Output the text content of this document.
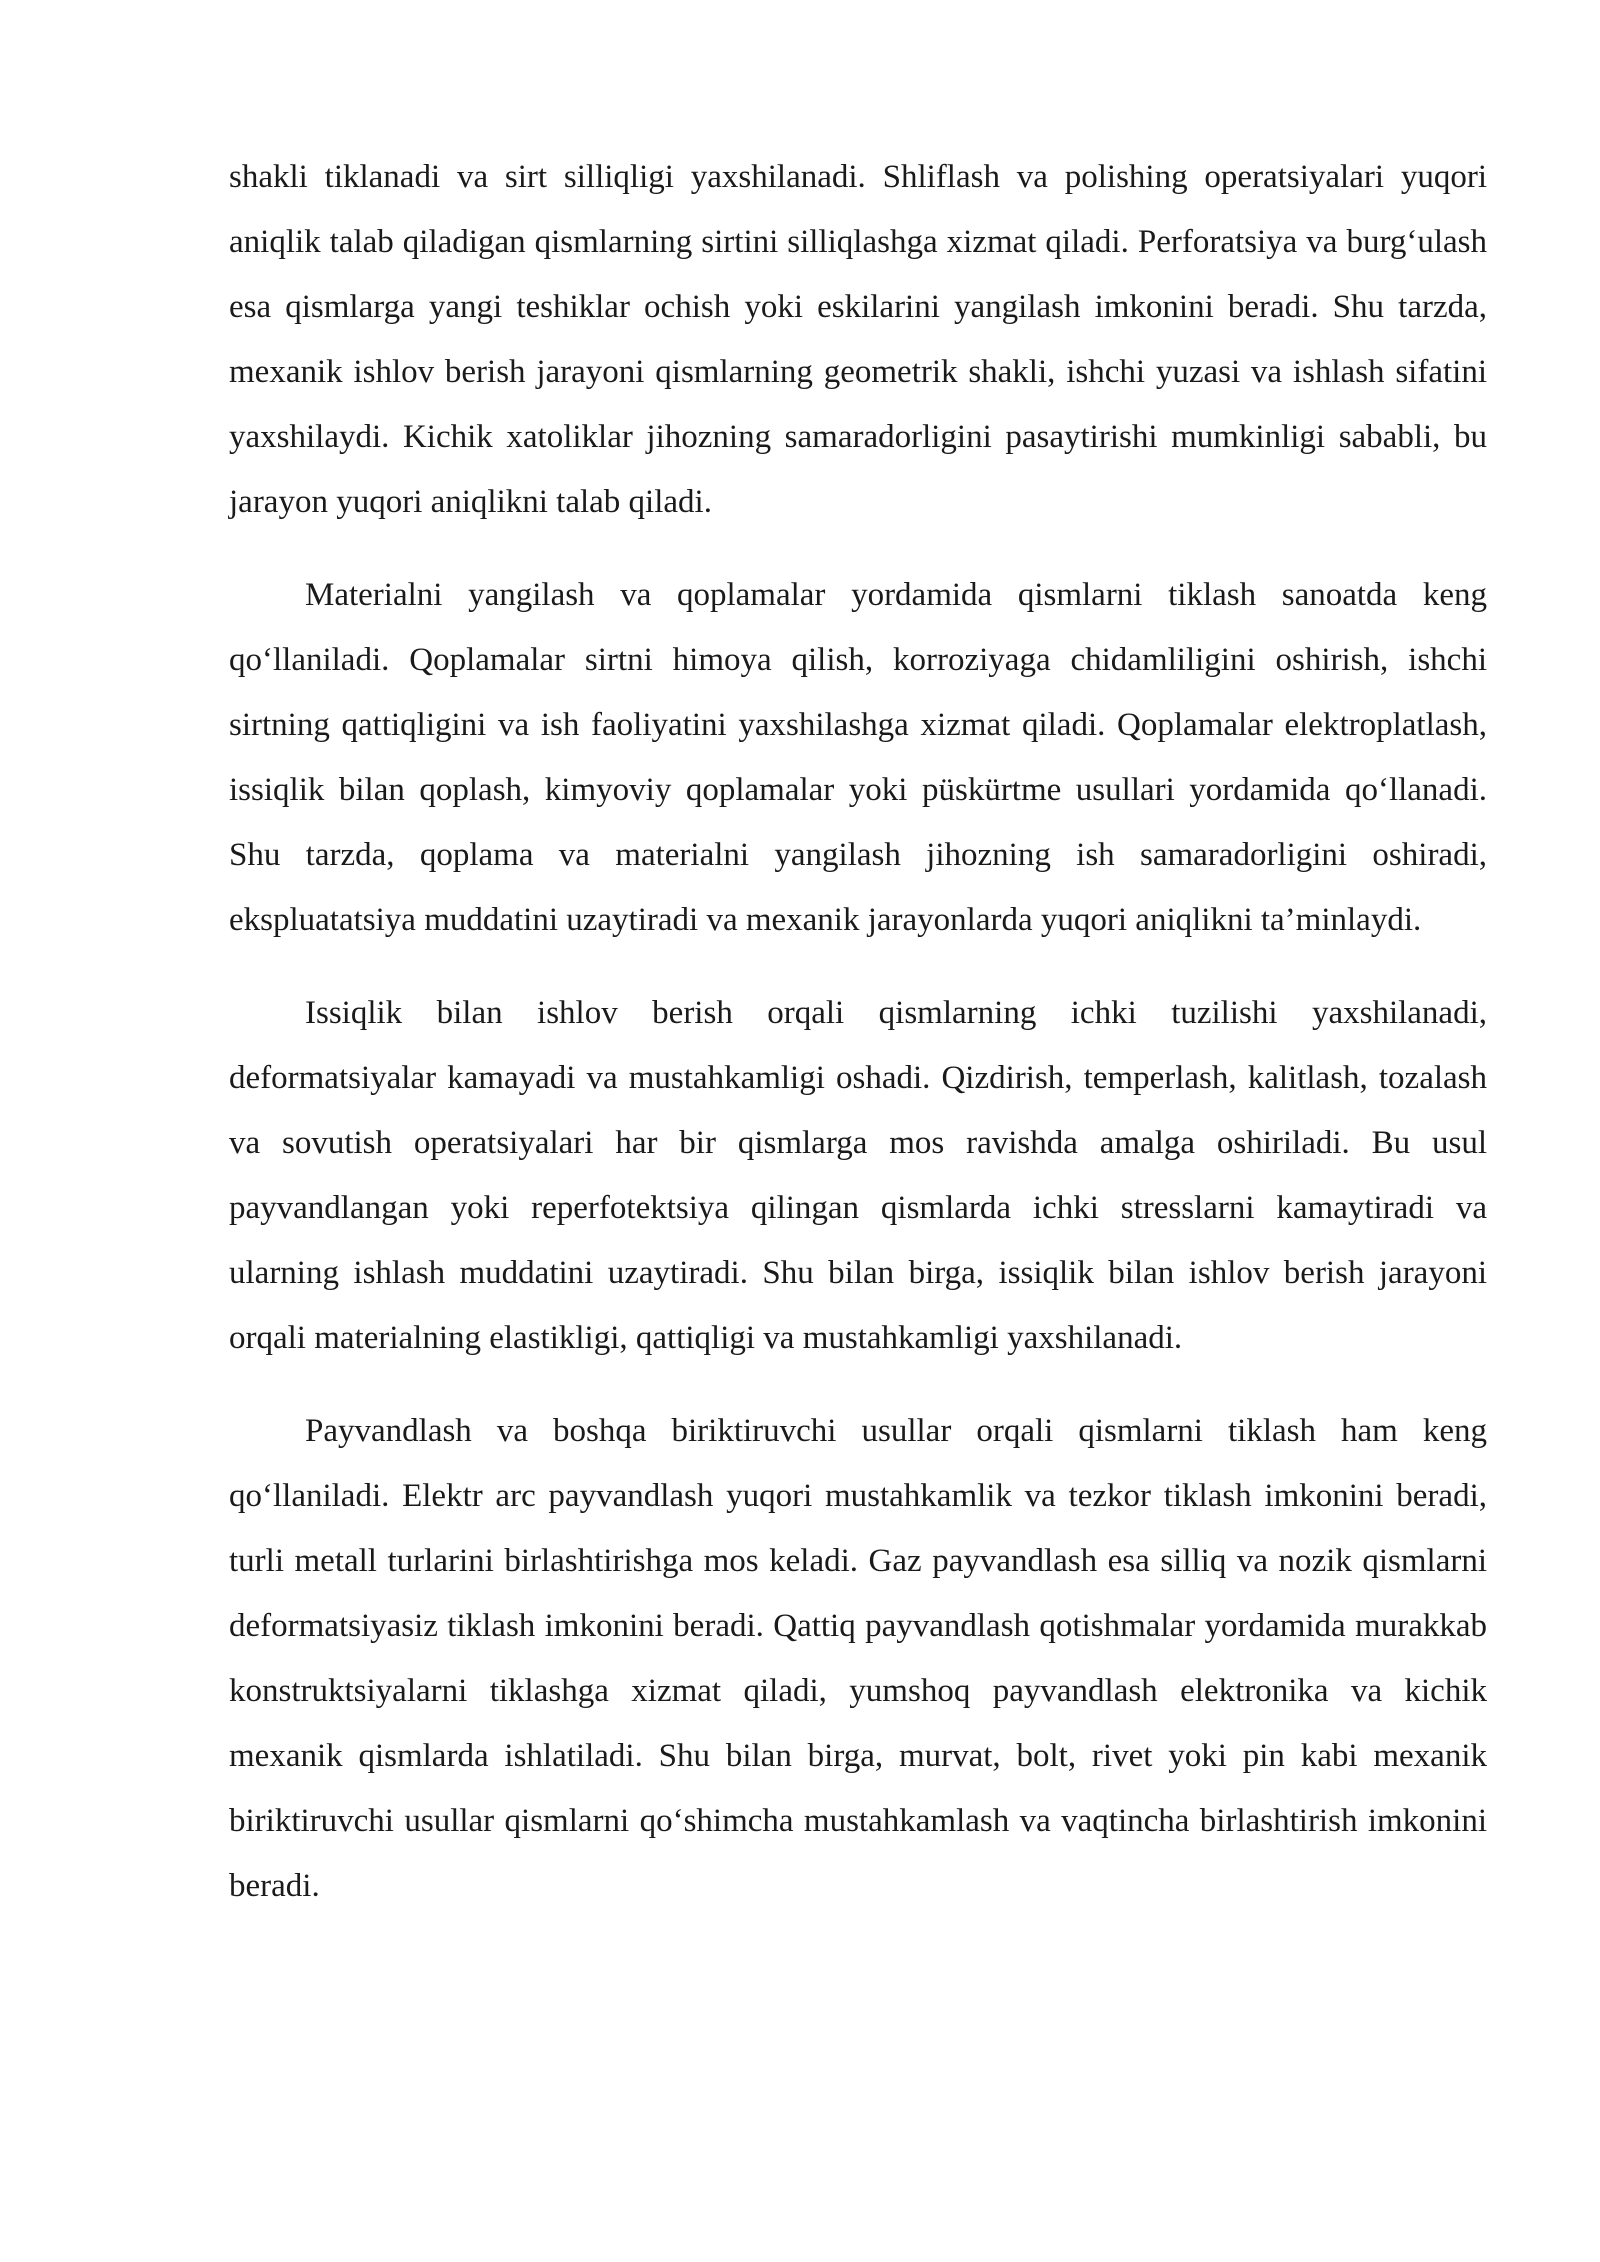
shakli tiklanadi va sirt silliqligi yaxshilanadi. Shliflash va polishing operatsiyalari yuqori aniqlik talab qiladigan qismlarning sirtini silliqlashga xizmat qiladi. Perforatsiya va burg‘ulash esa qismlarga yangi teshiklar ochish yoki eskilarini yangilash imkonini beradi. Shu tarzda, mexanik ishlov berish jarayoni qismlarning geometrik shakli, ishchi yuzasi va ishlash sifatini yaxshilaydi. Kichik xatoliklar jihozning samaradorligini pasaytirishi mumkinligi sababli, bu jarayon yuqori aniqlikni talab qiladi.

Materialni yangilash va qoplamalar yordamida qismlarni tiklash sanoatda keng qo‘llaniladi. Qoplamalar sirtni himoya qilish, korroziyaga chidamliligini oshirish, ishchi sirtning qattiqligini va ish faoliyatini yaxshilashga xizmat qiladi. Qoplamalar elektroplatlash, issiqlik bilan qoplash, kimyoviy qoplamalar yoki püskürtme usullari yordamida qo‘llanadi. Shu tarzda, qoplama va materialni yangilash jihozning ish samaradorligini oshiradi, ekspluatatsiya muddatini uzaytiradi va mexanik jarayonlarda yuqori aniqlikni ta’minlaydi.

Issiqlik bilan ishlov berish orqali qismlarning ichki tuzilishi yaxshilanadi, deformatsiyalar kamayadi va mustahkamligi oshadi. Qizdirish, temperlash, kalitlash, tozalash va sovutish operatsiyalari har bir qismlarga mos ravishda amalga oshiriladi. Bu usul payvandlangan yoki reperfotektsiya qilingan qismlarda ichki stresslarni kamaytiradi va ularning ishlash muddatini uzaytiradi. Shu bilan birga, issiqlik bilan ishlov berish jarayoni orqali materialning elastikligi, qattiqligi va mustahkamligi yaxshilanadi.

Payvandlash va boshqa biriktiruvchi usullar orqali qismlarni tiklash ham keng qo‘llaniladi. Elektr arc payvandlash yuqori mustahkamlik va tezkor tiklash imkonini beradi, turli metall turlarini birlashtirishga mos keladi. Gaz payvandlash esa silliq va nozik qismlarni deformatsiyasiz tiklash imkonini beradi. Qattiq payvandlash qotishmalar yordamida murakkab konstruktsiyalarni tiklashga xizmat qiladi, yumshoq payvandlash elektronika va kichik mexanik qismlarda ishlatiladi. Shu bilan birga, murvat, bolt, rivet yoki pin kabi mexanik biriktiruvchi usullar qismlarni qo‘shimcha mustahkamlash va vaqtincha birlashtirish imkonini beradi.
